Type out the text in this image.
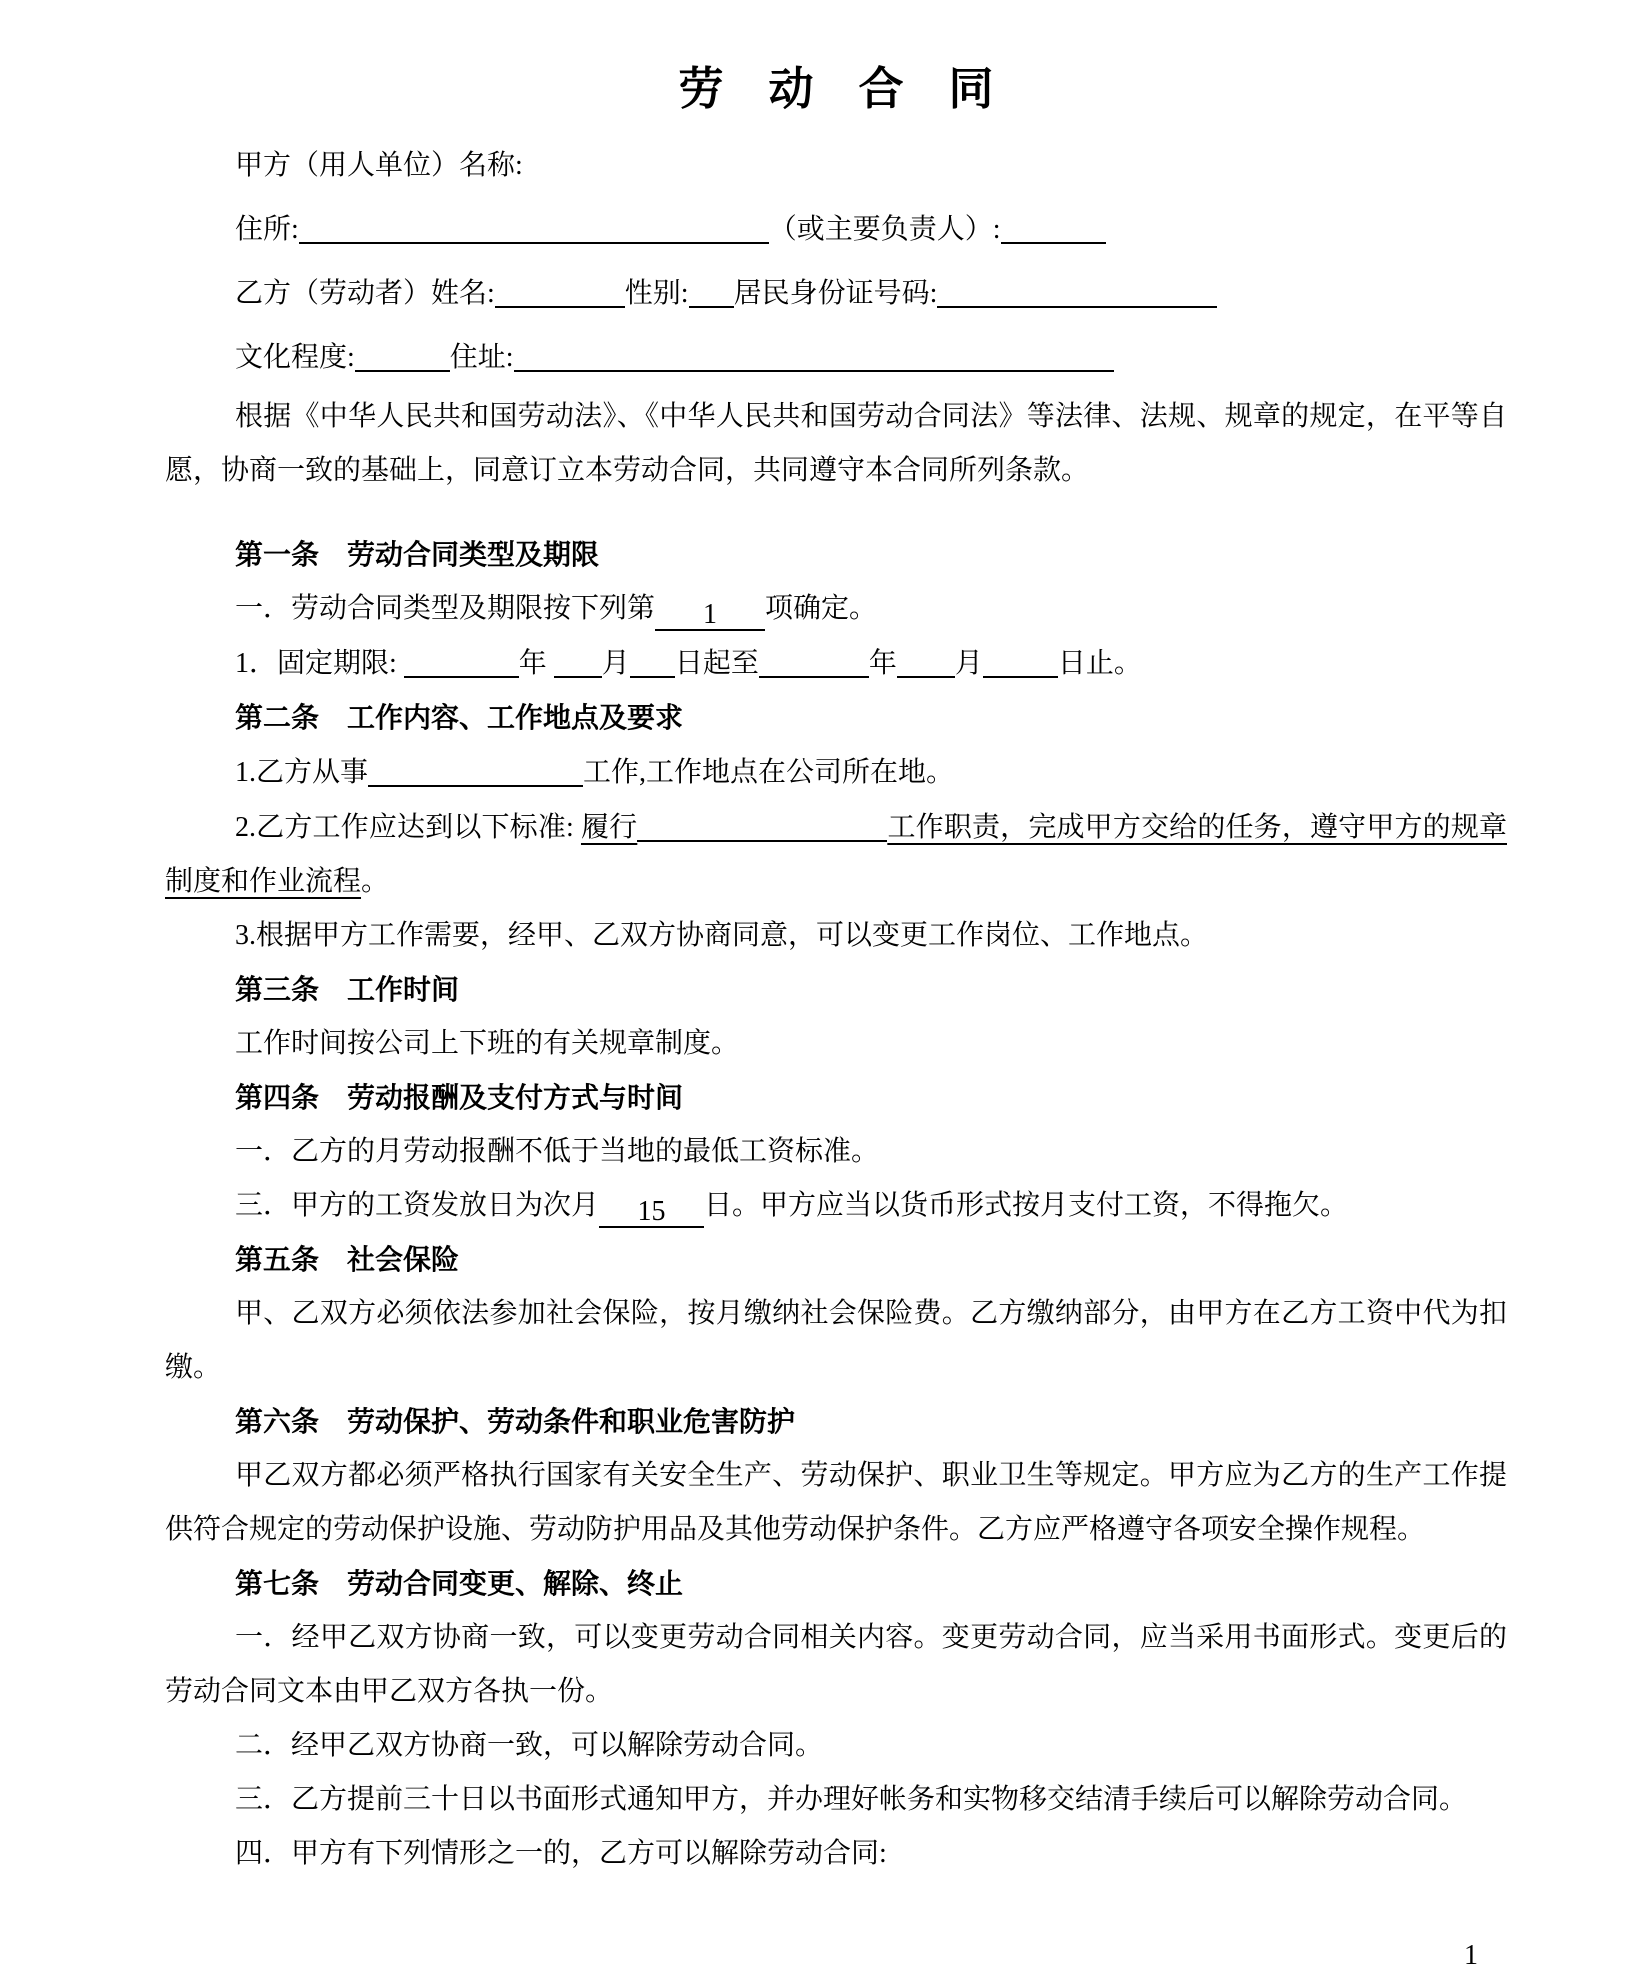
劳　动　合　同
甲方（用人单位）名称:
住所:	（或主要负责人）:
乙方（劳动者）姓名:	性别: 居民身份证号码:
文化程度:	住址:

根据《中华人民共和国劳动法》、《中华人民共和国劳动合同法》等法律、法规、规章的规定，在平等自愿，协商一致的基础上，同意订立本劳动合同，共同遵守本合同所列条款。

第一条　劳动合同类型及期限

一．劳动合同类型及期限按下列第 1 项确定。

1．固定期限:	年 月 日起至	年 月	日止。

第二条　工作内容、工作地点及要求

1.乙方从事	工作,工作地点在公司所在地。

2.乙方工作应达到以下标准: 履行	工作职责，完成甲方交给的任务，遵守甲方的规章制度和作业流程。

3.根据甲方工作需要，经甲、乙双方协商同意，可以变更工作岗位、工作地点。

第三条　工作时间

工作时间按公司上下班的有关规章制度。

第四条　劳动报酬及支付方式与时间

一．乙方的月劳动报酬不低于当地的最低工资标准。

三．甲方的工资发放日为次月 15 日。甲方应当以货币形式按月支付工资，不得拖欠。

第五条　社会保险

甲、乙双方必须依法参加社会保险，按月缴纳社会保险费。乙方缴纳部分，由甲方在乙方工资中代为扣缴。

第六条　劳动保护、劳动条件和职业危害防护

甲乙双方都必须严格执行国家有关安全生产、劳动保护、职业卫生等规定。甲方应为乙方的生产工作提供符合规定的劳动保护设施、劳动防护用品及其他劳动保护条件。乙方应严格遵守各项安全操作规程。

第七条　劳动合同变更、解除、终止

一．经甲乙双方协商一致，可以变更劳动合同相关内容。变更劳动合同，应当采用书面形式。变更后的劳动合同文本由甲乙双方各执一份。

二．经甲乙双方协商一致，可以解除劳动合同。

三．乙方提前三十日以书面形式通知甲方，并办理好帐务和实物移交结清手续后可以解除劳动合同。

四．甲方有下列情形之一的，乙方可以解除劳动合同:

1
